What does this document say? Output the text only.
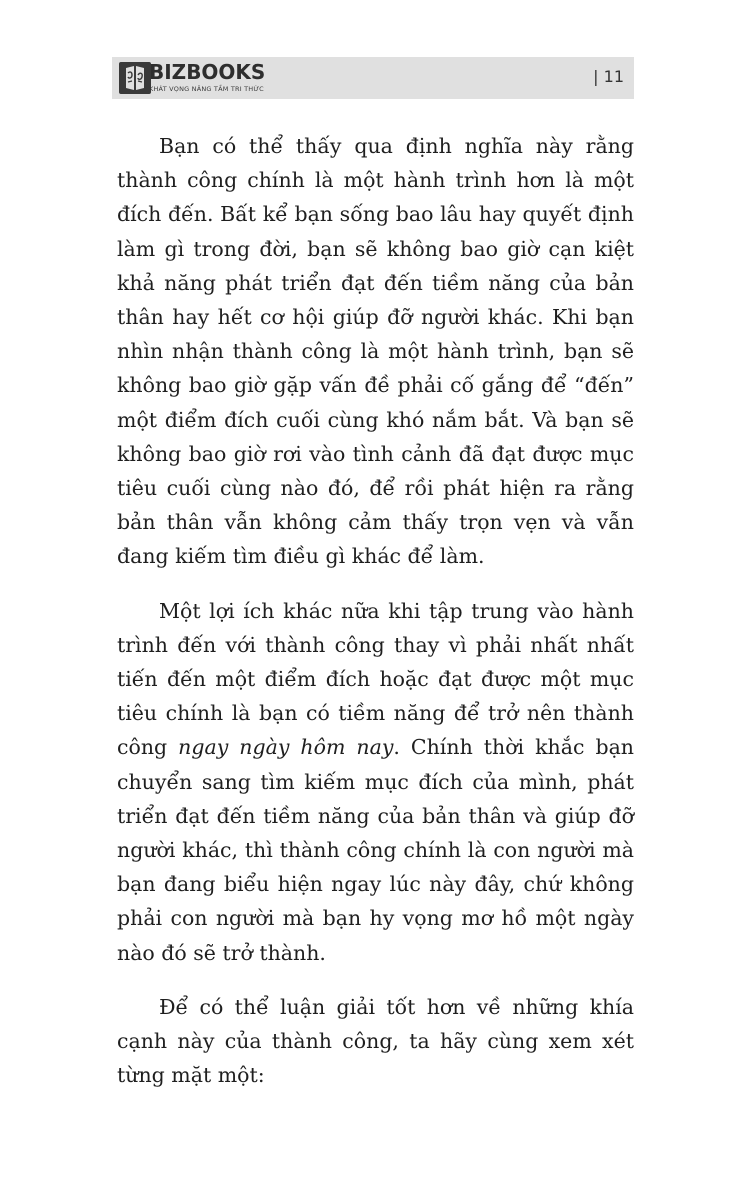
BIZBOOKS
KHÁT VỌNG NÂNG TẦM TRI THỨC
| 11

Bạn có thể thấy qua định nghĩa này rằng thành công chính là một hành trình hơn là một đích đến. Bất kể bạn sống bao lâu hay quyết định làm gì trong đời, bạn sẽ không bao giờ cạn kiệt khả năng phát triển đạt đến tiềm năng của bản thân hay hết cơ hội giúp đỡ người khác. Khi bạn nhìn nhận thành công là một hành trình, bạn sẽ không bao giờ gặp vấn đề phải cố gắng để “đến” một điểm đích cuối cùng khó nắm bắt. Và bạn sẽ không bao giờ rơi vào tình cảnh đã đạt được mục tiêu cuối cùng nào đó, để rồi phát hiện ra rằng bản thân vẫn không cảm thấy trọn vẹn và vẫn đang kiếm tìm điều gì khác để làm.

Một lợi ích khác nữa khi tập trung vào hành trình đến với thành công thay vì phải nhất nhất tiến đến một điểm đích hoặc đạt được một mục tiêu chính là bạn có tiềm năng để trở nên thành công ngay ngày hôm nay. Chính thời khắc bạn chuyển sang tìm kiếm mục đích của mình, phát triển đạt đến tiềm năng của bản thân và giúp đỡ người khác, thì thành công chính là con người mà bạn đang biểu hiện ngay lúc này đây, chứ không phải con người mà bạn hy vọng mơ hồ một ngày nào đó sẽ trở thành.

Để có thể luận giải tốt hơn về những khía cạnh này của thành công, ta hãy cùng xem xét từng mặt một:
